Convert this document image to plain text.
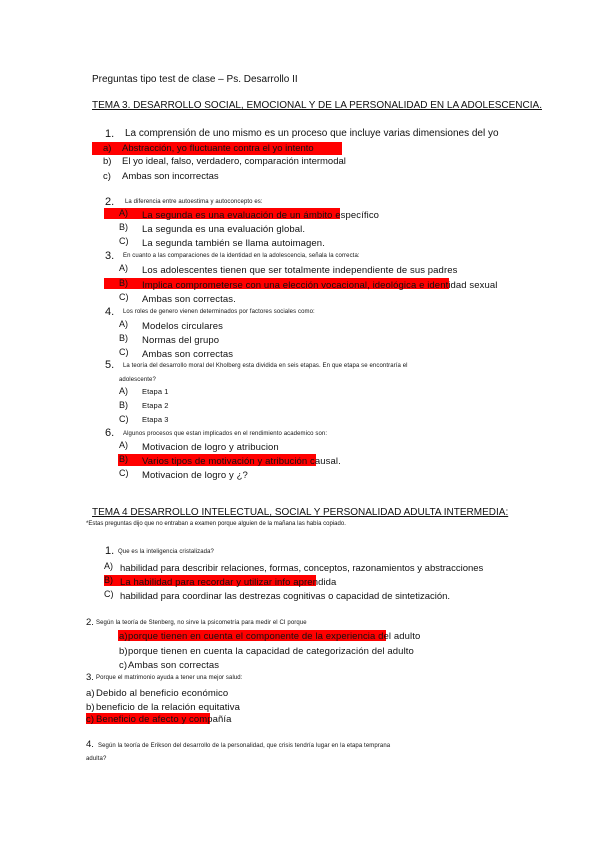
Preguntas tipo test de clase – Ps. Desarrollo II
TEMA 3. DESARROLLO SOCIAL, EMOCIONAL Y DE LA PERSONALIDAD EN LA ADOLESCENCIA.
1. La comprensión de uno mismo es un proceso que incluye varias dimensiones del yo
a) Abstracción, yo fluctuante contra el yo intento
b) El yo ideal, falso, verdadero, comparación intermodal
c) Ambas son incorrectas
2. La diferencia entre autoestima y autoconcepto es:
A) La segunda es una evaluación de un ámbito específico
B) La segunda es una evaluación global.
C) La segunda también se llama autoimagen.
3. En cuanto a las comparaciones de la identidad en la adolescencia, señala la correcta:
A) Los adolescentes tienen que ser totalmente independiente de sus padres
B) Implica comprometerse con una elección vocacional, ideológica e identidad sexual
C) Ambas son correctas.
4. Los roles de genero vienen determinados por factores sociales como:
A) Modelos circulares
B) Normas del grupo
C) Ambas son correctas
5. La teoría del desarrollo moral del Kholberg esta dividida en seis etapas. En que etapa se encontraría el
adolescente?
A) Etapa 1
B) Etapa 2
C) Etapa 3
6. Algunos procesos que estan implicados en el rendimiento academico son:
A) Motivacion de logro y atribucion
B) Varios tipos de motivación y atribución causal.
C) Motivacion de logro y ¿?
TEMA 4 DESARROLLO INTELECTUAL, SOCIAL Y PERSONALIDAD ADULTA INTERMEDIA:
*Estas preguntas dijo que no entraban a examen porque alguien de la mañana las había copiado.
1. Que es la inteligencia cristalizada?
A) habilidad para describir relaciones, formas, conceptos, razonamientos y abstracciones
B) La habilidad para recordar y utilizar info aprendida
C) habilidad para coordinar las destrezas cognitivas o capacidad de sintetización.
2. Según la teoría de Stenberg, no sirve la psicometría para medir el CI porque
a) porque tienen en cuenta el componente de la experiencia del adulto
b) porque tienen en cuenta la capacidad de categorización del adulto
c) Ambas son correctas
3. Porque el matrimonio ayuda a tener una mejor salud:
a) Debido al beneficio económico
b) beneficio de la relación equitativa
c) Beneficio de afecto y compañía
4. Según la teoría de Erikson del desarrollo de la personalidad, que crisis tendría lugar en la etapa temprana
adulta?
